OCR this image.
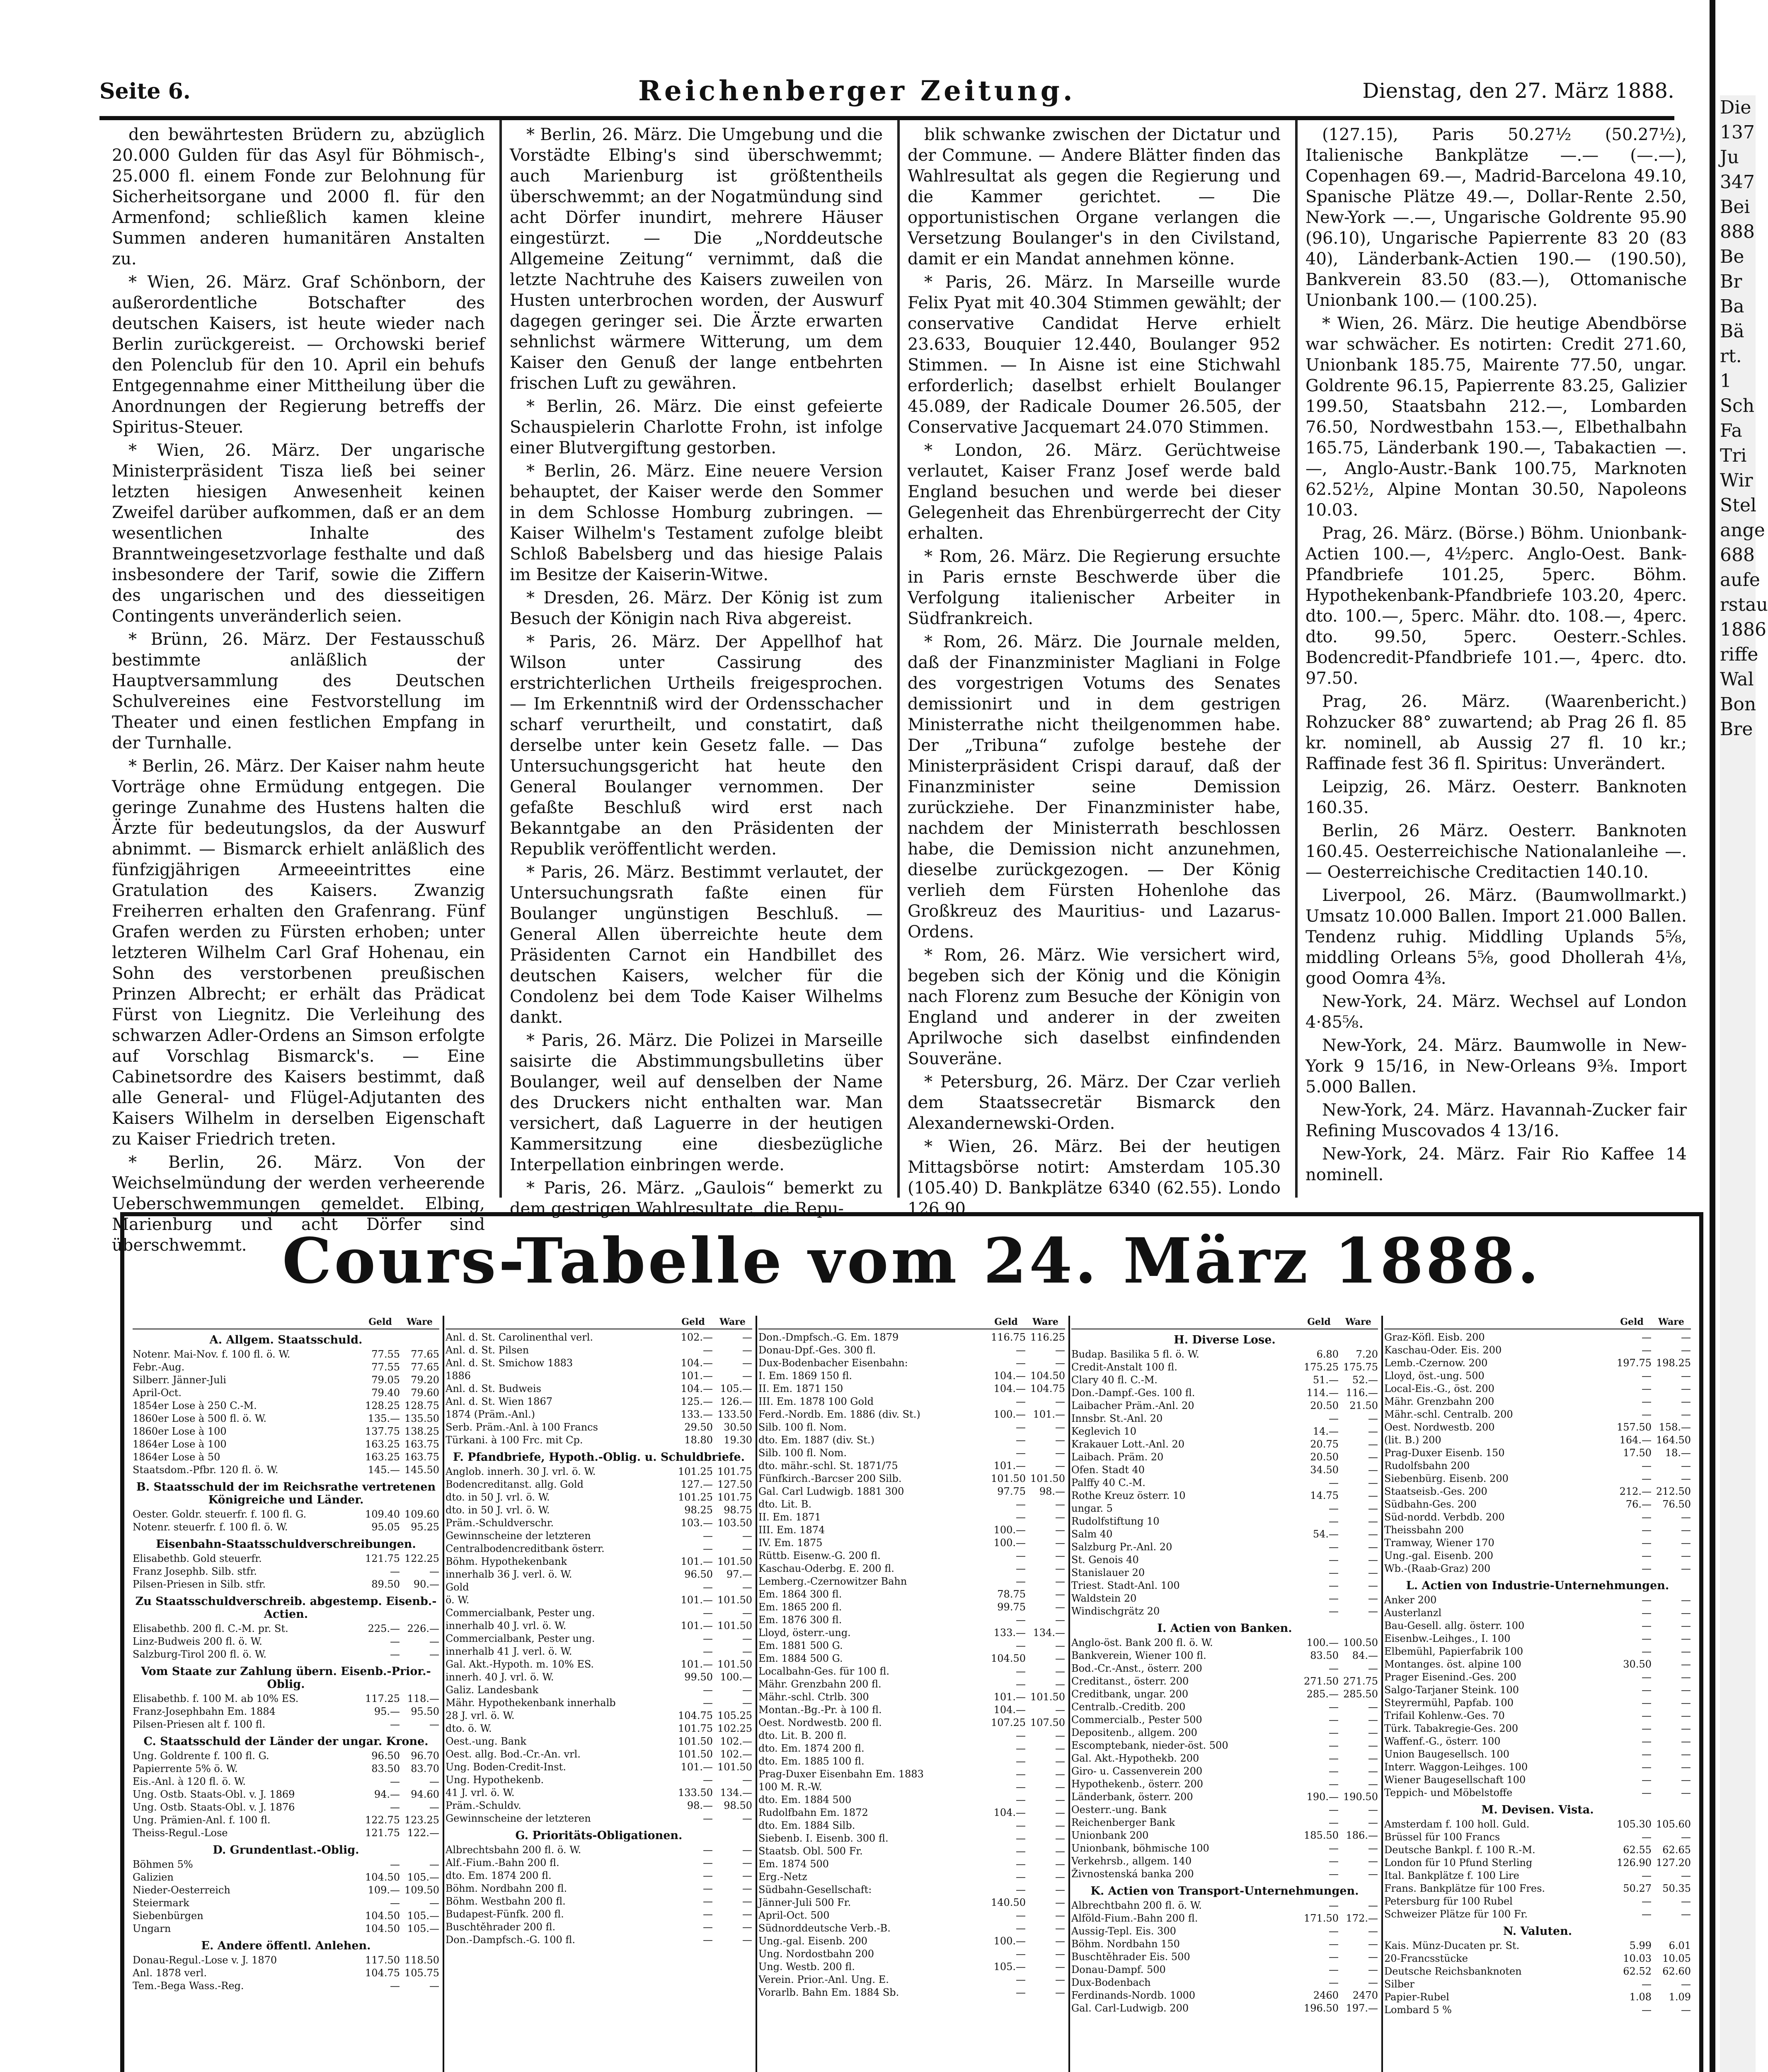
Seite 6.	Reichenberger Zeitung.	Dienstag, den 27. März 1888.

den bewährtesten Brüdern zu, abzüglich 20.000 Gulden für das Asyl für Böhmisch-, 25.000 fl. einem Fonde zur Belohnung für Sicherheitsorgane und 2000 fl. für den Armenfond; schließlich kamen kleine Summen anderen humanitären Anstalten zu.

* Wien, 26. März. Graf Schönborn, der außerordentliche Botschafter des deutschen Kaisers, ist heute wieder nach Berlin zurückgereist. — Orchowski berief den Polenclub für den 10. April ein behufs Entgegennahme einer Mittheilung über die Anordnungen der Regierung betreffs der Spiritus-Steuer.

* Wien, 26. März. Der ungarische Ministerpräsident Tisza ließ bei seiner letzten hiesigen Anwesenheit keinen Zweifel darüber aufkommen, daß er an dem wesentlichen Inhalte des Branntweingesetzvorlage festhalte und daß insbesondere der Tarif, sowie die Ziffern des ungarischen und des diesseitigen Contingents unveränderlich seien.

* Brünn, 26. März. Der Festausschuß bestimmte anläßlich der Hauptversammlung des Deutschen Schulvereines eine Festvorstellung im Theater und einen festlichen Empfang in der Turnhalle.

* Berlin, 26. März. Der Kaiser nahm heute Vorträge ohne Ermüdung entgegen. Die geringe Zunahme des Hustens halten die Ärzte für bedeutungslos, da der Auswurf abnimmt. — Bismarck erhielt anläßlich des fünfzigjährigen Armeeeintrittes eine Gratulation des Kaisers. Zwanzig Freiherren erhalten den Grafenrang. Fünf Grafen werden zu Fürsten erhoben; unter letzteren Wilhelm Carl Graf Hohenau, ein Sohn des verstorbenen preußischen Prinzen Albrecht; er erhält das Prädicat Fürst von Liegnitz. Die Verleihung des schwarzen Adler-Ordens an Simson erfolgte auf Vorschlag Bismarck's. — Eine Cabinetsordre des Kaisers bestimmt, daß alle General- und Flügel-Adjutanten des Kaisers Wilhelm in derselben Eigenschaft zu Kaiser Friedrich treten.

* Berlin, 26. März. Von der Weichselmündung der werden verheerende Ueberschwemmungen gemeldet. Elbing, Marienburg und acht Dörfer sind überschwemmt.

* Berlin, 26. März. Die Umgebung und die Vorstädte Elbing's sind überschwemmt; auch Marienburg ist größtentheils überschwemmt; an der Nogatmündung sind acht Dörfer inundirt, mehrere Häuser eingestürzt. — Die „Norddeutsche Allgemeine Zeitung“ vernimmt, daß die letzte Nachtruhe des Kaisers zuweilen von Husten unterbrochen worden, der Auswurf dagegen geringer sei. Die Ärzte erwarten sehnlichst wärmere Witterung, um dem Kaiser den Genuß der lange entbehrten frischen Luft zu gewähren.

* Berlin, 26. März. Die einst gefeierte Schauspielerin Charlotte Frohn, ist infolge einer Blutvergiftung gestorben.

* Berlin, 26. März. Eine neuere Version behauptet, der Kaiser werde den Sommer in dem Schlosse Homburg zubringen. — Kaiser Wilhelm's Testament zufolge bleibt Schloß Babelsberg und das hiesige Palais im Besitze der Kaiserin-Witwe.

* Dresden, 26. März. Der König ist zum Besuch der Königin nach Riva abgereist.

* Paris, 26. März. Der Appellhof hat Wilson unter Cassirung des erstrichterlichen Urtheils freigesprochen. — Im Erkenntniß wird der Ordensschacher scharf verurtheilt, und constatirt, daß derselbe unter kein Gesetz falle. — Das Untersuchungsgericht hat heute den General Boulanger vernommen. Der gefaßte Beschluß wird erst nach Bekanntgabe an den Präsidenten der Republik veröffentlicht werden.

* Paris, 26. März. Bestimmt verlautet, der Untersuchungsrath faßte einen für Boulanger ungünstigen Beschluß. — General Allen überreichte heute dem Präsidenten Carnot ein Handbillet des deutschen Kaisers, welcher für die Condolenz bei dem Tode Kaiser Wilhelms dankt.

* Paris, 26. März. Die Polizei in Marseille saisirte die Abstimmungsbulletins über Boulanger, weil auf denselben der Name des Druckers nicht enthalten war. Man versichert, daß Laguerre in der heutigen Kammersitzung eine diesbezügliche Interpellation einbringen werde.

* Paris, 26. März. „Gaulois“ bemerkt zu dem gestrigen Wahlresultate, die Repu-

blik schwanke zwischen der Dictatur und der Commune. — Andere Blätter finden das Wahlresultat als gegen die Regierung und die Kammer gerichtet. — Die opportunistischen Organe verlangen die Versetzung Boulanger's in den Civilstand, damit er ein Mandat annehmen könne.

* Paris, 26. März. In Marseille wurde Felix Pyat mit 40.304 Stimmen gewählt; der conservative Candidat Herve erhielt 23.633, Bouquier 12.440, Boulanger 952 Stimmen. — In Aisne ist eine Stichwahl erforderlich; daselbst erhielt Boulanger 45.089, der Radicale Doumer 26.505, der Conservative Jacquemart 24.070 Stimmen.

* London, 26. März. Gerüchtweise verlautet, Kaiser Franz Josef werde bald England besuchen und werde bei dieser Gelegenheit das Ehrenbürgerrecht der City erhalten.

* Rom, 26. März. Die Regierung ersuchte in Paris ernste Beschwerde über die Verfolgung italienischer Arbeiter in Südfrankreich.

* Rom, 26. März. Die Journale melden, daß der Finanzminister Magliani in Folge des vorgestrigen Votums des Senates demissionirt und in dem gestrigen Ministerrathe nicht theilgenommen habe. Der „Tribuna“ zufolge bestehe der Ministerpräsident Crispi darauf, daß der Finanzminister seine Demission zurückziehe. Der Finanzminister habe, nachdem der Ministerrath beschlossen habe, die Demission nicht anzunehmen, dieselbe zurückgezogen. — Der König verlieh dem Fürsten Hohenlohe das Großkreuz des Mauritius- und Lazarus-Ordens.

* Rom, 26. März. Wie versichert wird, begeben sich der König und die Königin nach Florenz zum Besuche der Königin von England und anderer in der zweiten Aprilwoche sich daselbst einfindenden Souveräne.

* Petersburg, 26. März. Der Czar verlieh dem Staatssecretär Bismarck den Alexandernewski-Orden.

* Wien, 26. März. Bei der heutigen Mittagsbörse notirt: Amsterdam 105.30 (105.40) D. Bankplätze 6340 (62.55). Londo 126 90

(127.15), Paris 50.27½ (50.27½), Italienische Bankplätze —.— (—.—), Copenhagen 69.—, Madrid-Barcelona 49.10, Spanische Plätze 49.—, Dollar-Rente 2.50, New-York —.—, Ungarische Goldrente 95.90 (96.10), Ungarische Papierrente 83 20 (83 40), Länderbank-Actien 190.— (190.50), Bankverein 83.50 (83.—), Ottomanische Unionbank 100.— (100.25).

* Wien, 26. März. Die heutige Abendbörse war schwächer. Es notirten: Credit 271.60, Unionbank 185.75, Mairente 77.50, ungar. Goldrente 96.15, Papierrente 83.25, Galizier 199.50, Staatsbahn 212.—, Lombarden 76.50, Nordwestbahn 153.—, Elbethalbahn 165.75, Länderbank 190.—, Tabakactien —.—, Anglo-Austr.-Bank 100.75, Marknoten 62.52½, Alpine Montan 30.50, Napoleons 10.03.

Prag, 26. März. (Börse.) Böhm. Unionbank-Actien 100.—, 4½perc. Anglo-Oest. Bank-Pfandbriefe 101.25, 5perc. Böhm. Hypothekenbank-Pfandbriefe 103.20, 4perc. dto. 100.—, 5perc. Mähr. dto. 108.—, 4perc. dto. 99.50, 5perc. Oesterr.-Schles. Bodencredit-Pfandbriefe 101.—, 4perc. dto. 97.50.

Prag, 26. März. (Waarenbericht.) Rohzucker 88° zuwartend; ab Prag 26 fl. 85 kr. nominell, ab Aussig 27 fl. 10 kr.; Raffinade fest 36 fl. Spiritus: Unverändert.

Leipzig, 26. März. Oesterr. Banknoten 160.35.

Berlin, 26 März. Oesterr. Banknoten 160.45. Oesterreichische Nationalanleihe —.— Oesterreichische Creditactien 140.10.

Liverpool, 26. März. (Baumwollmarkt.) Umsatz 10.000 Ballen. Import 21.000 Ballen. Tendenz ruhig. Middling Uplands 5⅝, middling Orleans 5⅝, good Dhollerah 4⅛, good Oomra 4⅜.

New-York, 24. März. Wechsel auf London 4·85⅝.

New-York, 24. März. Baumwolle in New-York 9 15/16, in New-Orleans 9⅜. Import 5.000 Ballen.

New-York, 24. März. Havannah-Zucker fair Refining Muscovados 4 13/16.

New-York, 24. März. Fair Rio Kaffee 14 nominell.

Die
137
Ju
347
Bei
888
Be
Br
Ba
Bä
rt. 1
Sch
Fa
Tri
Wir
Stel
ange
688
aufe
rstau
1886
riffe
Wal
Bon
Bre
Cours-Tabelle vom 24. März 1888.
Geld	Ware
A. Allgem. Staatsschuld.
Notenr. Mai-Nov. f. 100 fl. ö. W.	77.55	77.65
Febr.-Aug.	77.55	77.65
Silberr. Jänner-Juli	79.05	79.20
April-Oct.	79.40	79.60
1854er Lose à 250 C.-M.	128.25 128.75
1860er Lose à 500 fl. ö. W.	135.— 135.50
1860er Lose à 100	137.75 138.25
1864er Lose à 100	163.25 163.75
1864er Lose à 50	163.25 163.75
Staatsdom.-Pfbr. 120 fl. ö. W.	145.— 145.50
B. Staatsschuld der im Reichsrathe vertretenen Königreiche und Länder.
Oester. Goldr. steuerfr. f. 100 fl. G.	109.40 109.60
Notenr. steuerfr. f. 100 fl. ö. W.	95.05	95.25
Eisenbahn-Staatsschuldverschreibungen.
Elisabethb. Gold steuerfr.	121.75 122.25
Franz Josephb. Silb. stfr.	—	—
Pilsen-Priesen in Silb. stfr.	89.50	90.—
Zu Staatsschuldverschreib. abgestemp. Eisenb.-Actien.
Elisabethb. 200 fl. C.-M. pr. St.	225.— 226.—
Linz-Budweis 200 fl. ö. W.	—	—
Salzburg-Tirol 200 fl. ö. W.	—	—
Vom Staate zur Zahlung übern. Eisenb.-Prior.-Oblig.
Elisabethb. f. 100 M. ab 10% ES.	117.25 118.—
Franz-Josephbahn Em. 1884	95.—	95.50
Pilsen-Priesen alt f. 100 fl.	—	—
C. Staatsschuld der Länder der ungar. Krone.
Ung. Goldrente f. 100 fl. G.	96.50	96.70
Papierrente 5% ö. W.	83.50	83.70
Eis.-Anl. à 120 fl. ö. W.	—	—
Ung. Ostb. Staats-Obl. v. J. 1869	94.—	94.60
Ung. Ostb. Staats-Obl. v. J. 1876	—	—
Ung. Prämien-Anl. f. 100 fl.	122.75 123.25
Theiss-Regul.-Lose	121.75 122.—
D. Grundentlast.-Oblig.
Böhmen 5%	—	—
Galizien	104.50 105.—
Nieder-Oesterreich	109.— 109.50
Steiermark	—	—
Siebenbürgen	104.50 105.—
Ungarn	104.50 105.—
E. Andere öffentl. Anlehen.
Donau-Regul.-Lose v. J. 1870	117.50 118.50
Anl. 1878 verl.	104.75 105.75
Tem.-Bega Wass.-Reg.	—	—
Geld	Ware
Anl. d. St. Carolinenthal verl.	102.—	—
Anl. d. St. Pilsen	—	—
Anl. d. St. Smichow 1883	104.—	—
1886	101.—	—
Anl. d. St. Budweis	104.— 105.—
Anl. d. St. Wien 1867	125.— 126.—
1874 (Präm.-Anl.)	133.— 133.50
Serb. Präm.-Anl. à 100 Francs	29.50	30.50
Türkani. à 100 Frc. mit Cp.	18.80	19.30
F. Pfandbriefe, Hypoth.-Oblig. u. Schuldbriefe.
Anglob. innerh. 30 J. vrl. ö. W.	101.25 101.75
Bodencreditanst. allg. Gold	127.— 127.50
dto. in 50 J. vrl. ö. W.	101.25 101.75
dto. in 50 J. vrl. ö. W.	98.25	98.75
Präm.-Schuldverschr.	103.— 103.50
Gewinnscheine der letzteren	—	—
Centralbodencreditbank österr.	—	—
Böhm. Hypothekenbank	101.— 101.50
innerhalb 36 J. verl. ö. W.	96.50	97.—
Gold	—	—
ö. W.	101.— 101.50
Commercialbank, Pester ung.	—	—
innerhalb 40 J. vrl. ö. W.	101.— 101.50
Commercialbank, Pester ung.	—	—
innerhalb 41 J. verl. ö. W.	—	—
Gal. Akt.-Hypoth. m. 10% ES.	101.— 101.50
innerh. 40 J. vrl. ö. W.	99.50 100.—
Galiz. Landesbank	—	—
Mähr. Hypothekenbank innerhalb	—	—
28 J. vrl. ö. W.	104.75 105.25
dto. ö. W.	101.75 102.25
Oest.-ung. Bank	101.50 102.—
Oest. allg. Bod.-Cr.-An. vrl.	101.50 102.—
Ung. Boden-Credit-Inst.	101.— 101.50
Ung. Hypothekenb.	—	—
41 J. vrl. ö. W.	133.50 134.—
Präm.-Schuldv.	98.—	98.50
Gewinnscheine der letzteren	—	—
G. Prioritäts-Obligationen.
Albrechtsbahn 200 fl. ö. W.	—	—
Alf.-Fium.-Bahn 200 fl.	—	—
dto. Em. 1874 200 fl.	—	—
Böhm. Nordbahn 200 fl.	—	—
Böhm. Westbahn 200 fl.	—	—
Budapest-Fünfk. 200 fl.	—	—
Buschtěhrader 200 fl.	—	—
Don.-Dampfsch.-G. 100 fl.	—	—
Geld	Ware
Don.-Dmpfsch.-G. Em. 1879	116.75 116.25
Donau-Dpf.-Ges. 300 fl.	—	—
Dux-Bodenbacher Eisenbahn:	—	—
I. Em. 1869 150 fl.	104.— 104.50
II. Em. 1871 150	104.— 104.75
III. Em. 1878 100 Gold	—	—
Ferd.-Nordb. Em. 1886 (div. St.)	100.— 101.—
Silb. 100 fl. Nom.	—	—
dto. Em. 1887 (div. St.)	—	—
Silb. 100 fl. Nom.	—	—
dto. mähr.-schl. St. 1871/75	101.—	—
Fünfkirch.-Barcser 200 Silb.	101.50 101.50
Gal. Carl Ludwigb. 1881 300	97.75	98.—
dto. Lit. B.	—	—
II. Em. 1871	—	—
III. Em. 1874	100.—	—
IV. Em. 1875	100.—	—
Rüttb. Eisenw.-G. 200 fl.	—	—
Kaschau-Oderbg. E. 200 fl.	—	—
Lemberg.-Czernowitzer Bahn	—	—
Em. 1864 300 fl.	78.75	—
Em. 1865 200 fl.	99.75	—
Em. 1876 300 fl.	—	—
Lloyd, österr.-ung.	133.— 134.—
Em. 1881 500 G.	—	—
Em. 1884 500 G.	104.50	—
Localbahn-Ges. für 100 fl.	—	—
Mähr. Grenzbahn 200 fl.	—	—
Mähr.-schl. Ctrlb. 300	101.— 101.50
Montan.-Bg.-Pr. à 100 fl.	104.—	—
Oest. Nordwestb. 200 fl.	107.25 107.50
dto. Lit. B. 200 fl.	—	—
dto. Em. 1874 200 fl.	—	—
dto. Em. 1885 100 fl.	—	—
Prag-Duxer Eisenbahn Em. 1883	—	—
100 M. R.-W.	—	—
dto. Em. 1884 500	—	—
Rudolfbahn Em. 1872	104.—	—
dto. Em. 1884 Silb.	—	—
Siebenb. I. Eisenb. 300 fl.	—	—
Staatsb. Obl. 500 Fr.	—	—
Em. 1874 500	—	—
Erg.-Netz	—	—
Südbahn-Gesellschaft:	—	—
Jänner-Juli 500 Fr.	140.50	—
April-Oct. 500	—	—
Südnorddeutsche Verb.-B.	—	—
Ung.-gal. Eisenb. 200	100.—	—
Ung. Nordostbahn 200	—	—
Ung. Westb. 200 fl.	105.—	—
Verein. Prior.-Anl. Ung. E.	—	—
Vorarlb. Bahn Em. 1884 Sb.	—	—
Geld	Ware
H. Diverse Lose.
Budap. Basilika 5 fl. ö. W.	6.80	7.20
Credit-Anstalt 100 fl.	175.25 175.75
Clary 40 fl. C.-M.	51.—	52.—
Don.-Dampf.-Ges. 100 fl.	114.— 116.—
Laibacher Präm.-Anl. 20	20.50	21.50
Innsbr. St.-Anl. 20	—	—
Keglevich 10	14.—	—
Krakauer Lott.-Anl. 20	20.75	—
Laibach. Präm. 20	20.50	—
Ofen. Stadt 40	34.50	—
Palffy 40 C.-M.	—	—
Rothe Kreuz österr. 10	14.75	—
ungar. 5	—	—
Rudolfstiftung 10	—	—
Salm 40	54.—	—
Salzburg Pr.-Anl. 20	—	—
St. Genois 40	—	—
Stanislauer 20	—	—
Triest. Stadt-Anl. 100	—	—
Waldstein 20	—	—
Windischgrätz 20	—	—
I. Actien von Banken.
Anglo-öst. Bank 200 fl. ö. W.	100.— 100.50
Bankverein, Wiener 100 fl.	83.50	84.—
Bod.-Cr.-Anst., österr. 200	—	—
Creditanst., österr. 200	271.50 271.75
Creditbank, ungar. 200	285.— 285.50
Centralb.-Creditb. 200	—	—
Commercialb., Pester 500	—	—
Depositenb., allgem. 200	—	—
Escomptebank, nieder-öst. 500	—	—
Gal. Akt.-Hypothekb. 200	—	—
Giro- u. Cassenverein 200	—	—
Hypothekenb., österr. 200	—	—
Länderbank, österr. 200	190.— 190.50
Oesterr.-ung. Bank	—	—
Reichenberger Bank	—	—
Unionbank 200	185.50 186.—
Unionbank, böhmische 100	—	—
Verkehrsb., allgem. 140	—	—
Živnostenská banka 200	—	—
K. Actien von Transport-Unternehmungen.
Albrechtbahn 200 fl. ö. W.	—	—
Alföld-Fium.-Bahn 200 fl.	171.50 172.—
Aussig-Tepl. Eis. 300	—	—
Böhm. Nordbahn 150	—	—
Buschtěhrader Eis. 500	—	—
Donau-Dampf. 500	—	—
Dux-Bodenbach	—	—
Ferdinands-Nordb. 1000	2460	2470
Gal. Carl-Ludwigb. 200	196.50 197.—
Geld	Ware
Graz-Köfl. Eisb. 200	—	—
Kaschau-Oder. Eis. 200	—	—
Lemb.-Czernow. 200	197.75 198.25
Lloyd, öst.-ung. 500	—	—
Local-Eis.-G., öst. 200	—	—
Mähr. Grenzbahn 200	—	—
Mähr.-schl. Centralb. 200	—	—
Oest. Nordwestb. 200	157.50 158.—
(lit. B.) 200	164.— 164.50
Prag-Duxer Eisenb. 150	17.50	18.—
Rudolfsbahn 200	—	—
Siebenbürg. Eisenb. 200	—	—
Staatseisb.-Ges. 200	212.— 212.50
Südbahn-Ges. 200	76.—	76.50
Süd-nordd. Verbdb. 200	—	—
Theissbahn 200	—	—
Tramway, Wiener 170	—	—
Ung.-gal. Eisenb. 200	—	—
Wb.-(Raab-Graz) 200	—	—
L. Actien von Industrie-Unternehmungen.
Anker 200	—	—
Austerlanzl	—	—
Bau-Gesell. allg. österr. 100	—	—
Eisenbw.-Leihges., I. 100	—	—
Elbemühl, Papierfabrik 100	—	—
Montanges. öst. alpine 100	30.50	—
Prager Eisenind.-Ges. 200	—	—
Salgo-Tarjaner Steink. 100	—	—
Steyrermühl, Papfab. 100	—	—
Trifail Kohlenw.-Ges. 70	—	—
Türk. Tabakregie-Ges. 200	—	—
Waffenf.-G., österr. 100	—	—
Union Baugesellsch. 100	—	—
Interr. Waggon-Leihges. 100	—	—
Wiener Baugesellschaft 100	—	—
Teppich- und Möbelstoffe	—	—
M. Devisen. Vista.
Amsterdam f. 100 holl. Guld.	105.30 105.60
Brüssel für 100 Francs	—	—
Deutsche Bankpl. f. 100 R.-M.	62.55	62.65
London für 10 Pfund Sterling	126.90 127.20
Ital. Bankplätze f. 100 Lire	—	—
Frans. Bankplätze für 100 Fres.	50.27	50.35
Petersburg für 100 Rubel	—	—
Schweizer Plätze für 100 Fr.	—	—
N. Valuten.
Kais. Münz-Ducaten pr. St.	5.99	6.01
20-Francsstücke	10.03	10.05
Deutsche Reichsbanknoten	62.52	62.60
Silber	—	—
Papier-Rubel	1.08	1.09
Lombard 5 %	—	—
